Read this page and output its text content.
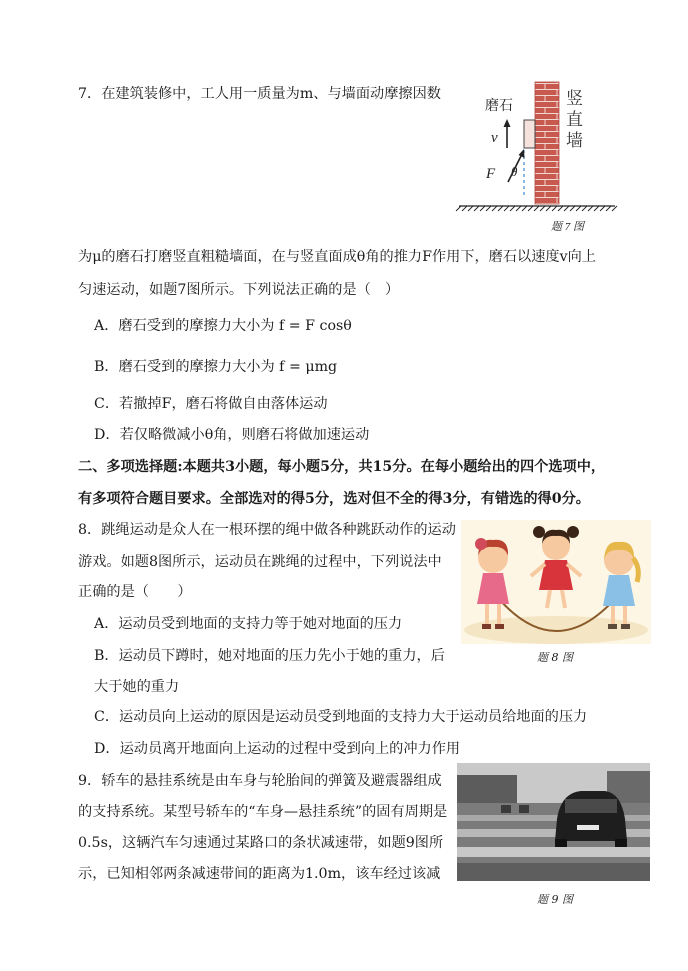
7．在建筑装修中，工人用一质量为m、与墙面动摩擦因数
磨石
v
F θ
竖
直
墙
题 7 图
为μ的磨石打磨竖直粗糙墙面，在与竖直面成θ角的推力F作用下，磨石以速度v向上
匀速运动，如题7图所示。下列说法正确的是（　）
A．磨石受到的摩擦力大小为 f = F cosθ
B．磨石受到的摩擦力大小为 f = μmg
C．若撤掉F，磨石将做自由落体运动
D．若仅略微减小θ角，则磨石将做加速运动
二、多项选择题:本题共3小题，每小题5分，共15分。在每小题给出的四个选项中，
有多项符合题目要求。全部选对的得5分，选对但不全的得3分，有错选的得0分。
8．跳绳运动是众人在一根环摆的绳中做各种跳跃动作的运动
游戏。如题8图所示，运动员在跳绳的过程中，下列说法中
正确的是（　　）
A．运动员受到地面的支持力等于她对地面的压力
B．运动员下蹲时，她对地面的压力先小于她的重力，后
大于她的重力
C．运动员向上运动的原因是运动员受到地面的支持力大于运动员给地面的压力
D．运动员离开地面向上运动的过程中受到向上的冲力作用
题 8 图
9．轿车的悬挂系统是由车身与轮胎间的弹簧及避震器组成
的支持系统。某型号轿车的“车身—悬挂系统”的固有周期是
0.5s，这辆汽车匀速通过某路口的条状减速带，如题9图所
示，已知相邻两条减速带间的距离为1.0m，该车经过该减
题 9 图
